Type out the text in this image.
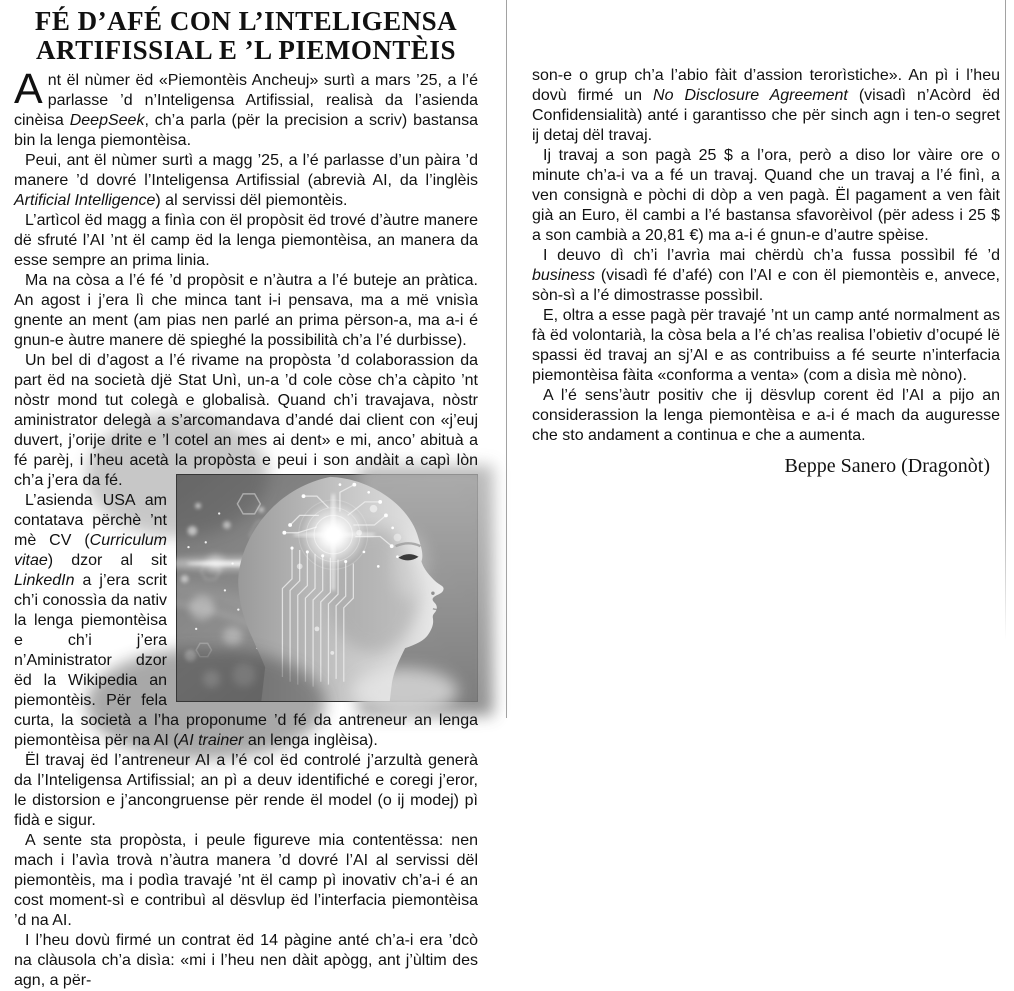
FÉ D’AFÉ CON L’INTELIGENSA
ARTIFISSIAL E ’L PIEMONTÈIS

Ant ël nùmer ëd «Piemontèis Ancheuj» surtì a mars ’25, a l’é parlasse ’d n’Inteligensa Artifissial, realisà da l’asienda cinèisa DeepSeek, ch’a parla (për la precision a scriv) bastansa bin la lenga piemontèisa.

Peui, ant ël nùmer surtì a magg ’25, a l’é parlasse d’un pàira ’d manere ’d dovré l’Inteligensa Artifissial (abrevià AI, da l’inglèis Artificial Intelligence) al servissi dël piemontèis.

L’artìcol ëd magg a finìa con ël propòsit ëd trové d’àutre manere dë sfruté l’AI ’nt ël camp ëd la lenga piemontèisa, an manera da esse sempre an prima linia.

Ma na còsa a l’é fé ’d propòsit e n’àutra a l’é buteje an pràtica. An agost i j’era lì che minca tant i-i pensava, ma a më vnisìa gnente an ment (am pias nen parlé an prima përson-a, ma a-i é gnun-e àutre manere dë spieghé la possibilità ch’a l’é durbisse).

Un bel di d’agost a l’é rivame na propòsta ’d colaborassion da part ëd na società djë Stat Unì, un-a ’d cole còse ch’a càpito ’nt nòstr mond tut colegà e globalisà. Quand ch’i travajava, nòstr aministrator delegà a s’arcomandava d’andé dai client con «j’euj duvert, j’orije drite e ’l cotel an mes ai dent» e mi, anco’ abituà a fé parèj, i l’heu acetà la propòsta
e peui i son andàit a capì lòn ch’a j’era da fé.

L’asienda USA am contatava përchè ’nt mè CV (Curriculum vitae) dzor al sit LinkedIn a j’era scrit ch’i conossìa da nativ la lenga piemontèisa e ch’i j’era n’Aministrator dzor ëd la Wikipedia an piemontèis. Për fela curta, la società a l’ha proponume ’d fé da antreneur an lenga piemontèisa për na AI (AI trainer an lenga inglèisa).

Ël travaj ëd l’antreneur AI a l’é col ëd controlé j’arzultà generà da l’Inteligensa Artifissial; an pì a deuv identifiché e coregi j’eror, le distorsion e j’ancongruense për rende ël model (o ij modej) pì fidà e sigur.

A sente sta propòsta, i peule figureve mia contentëssa: nen mach i l’avìa trovà n’àutra manera ’d dovré l’AI al servissi dël piemontèis, ma i podìa travajé ’nt ël camp pì inovativ ch’a-i é an cost moment-sì e contribuì al dësvlup ëd l’interfacia piemontèisa ’d na AI.

I l’heu dovù firmé un contrat ëd 14 pàgine anté ch’a-i era ’dcò na clàusola ch’a disìa: «mi i l’heu nen dàit apògg, ant j’ùltim des agn, a për-

son-e o grup ch’a l’abio fàit d’assion terorìstiche». An pì i l’heu dovù firmé un No Disclosure Agreement (visadì n’Acòrd ëd Confidensialità) anté i garantisso che për sinch agn i ten-o segret ij detaj dël travaj.

Ij travaj a son pagà 25 $ a l’ora, però a diso lor vàire ore o minute ch’a-i va a fé un travaj. Quand che un travaj a l’é finì, a ven consignà e pòchi di dòp a ven pagà. Ël pagament a ven fàit già an Euro, ël cambi a l’é bastansa sfavorèivol (për adess i 25 $ a son cambià a 20,81 €) ma a-i é gnun-e d’autre spèise.

I deuvo dì ch’i l’avrìa mai chërdù ch’a fussa possìbil fé ’d business (visadì fé d’afé) con l’AI e con ël piemontèis e, anvece, sòn-sì a l’é dimostrasse possìbil.

E, oltra a esse pagà për travajé ’nt un camp anté normalment as fà ëd volontarià, la còsa bela a l’é ch’as realisa l’obietiv d’ocupé lë spassi ëd travaj an sj’AI e as contribuiss a fé seurte n’interfacia piemontèisa fàita «conforma a venta» (com a disìa mè nòno).

A l’é sens’àutr positiv che ij dësvlup corent ëd l’AI a pijo an considerassion la lenga piemontèisa e a-i é mach da auguresse che sto andament a continua e che a aumenta.

Beppe Sanero (Dragonòt)
